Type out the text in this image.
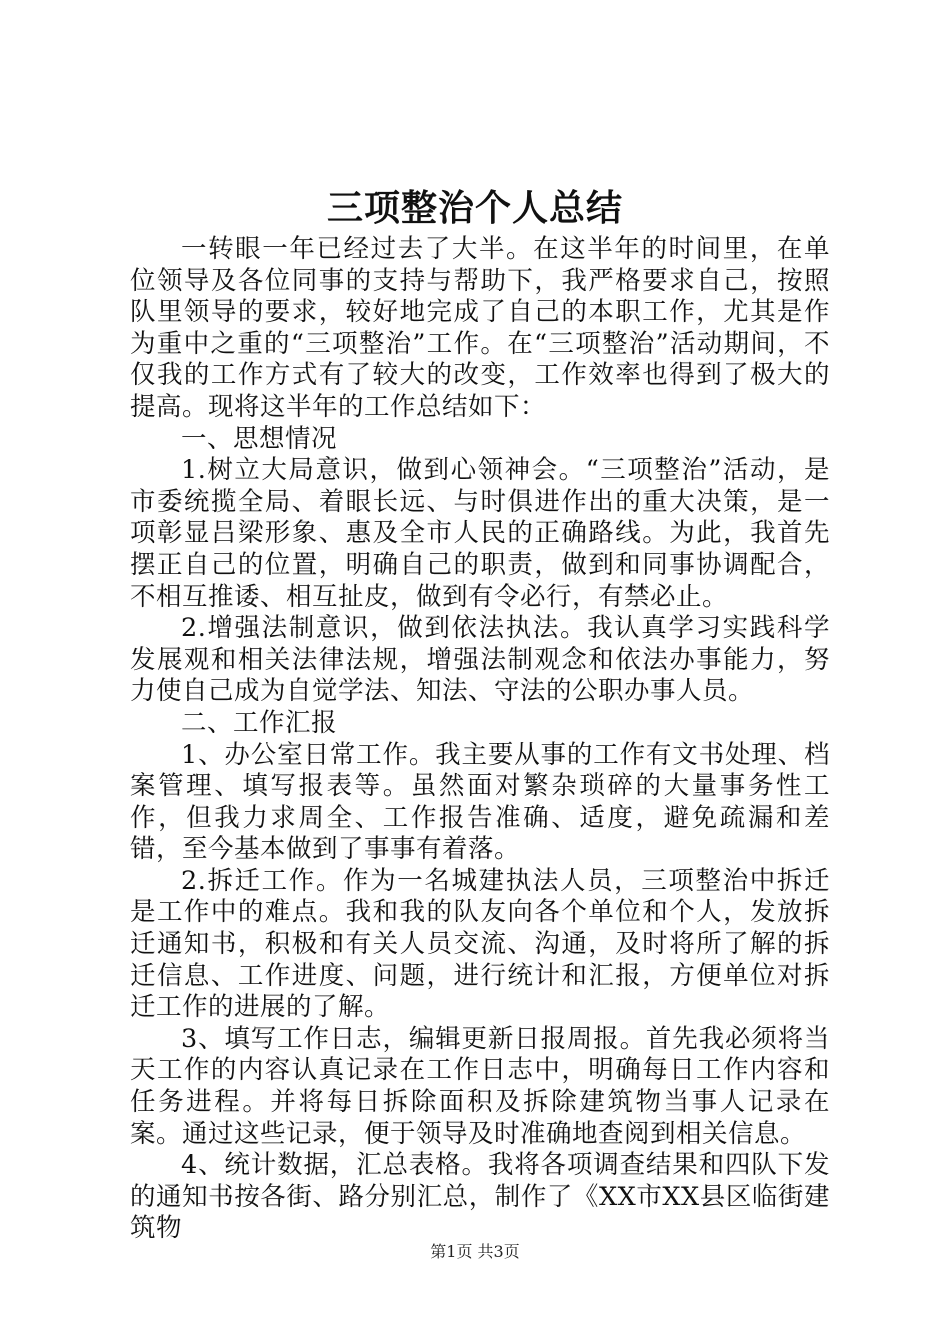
三项整治个人总结

一转眼一年已经过去了大半。在这半年的时间里，在单位领导及各位同事的支持与帮助下，我严格要求自己，按照队里领导的要求，较好地完成了自己的本职工作，尤其是作为重中之重的“三项整治”工作。在“三项整治”活动期间，不仅我的工作方式有了较大的改变，工作效率也得到了极大的提高。现将这半年的工作总结如下：

一、思想情况

1.树立大局意识，做到心领神会。“三项整治”活动，是市委统揽全局、着眼长远、与时俱进作出的重大决策，是一项彰显吕梁形象、惠及全市人民的正确路线。为此，我首先摆正自己的位置，明确自己的职责，做到和同事协调配合，不相互推诿、相互扯皮，做到有令必行，有禁必止。

2.增强法制意识，做到依法执法。我认真学习实践科学发展观和相关法律法规，增强法制观念和依法办事能力，努力使自己成为自觉学法、知法、守法的公职办事人员。

二、工作汇报

1、办公室日常工作。我主要从事的工作有文书处理、档案管理、填写报表等。虽然面对繁杂琐碎的大量事务性工作，但我力求周全、工作报告准确、适度，避免疏漏和差错，至今基本做到了事事有着落。

2.拆迁工作。作为一名城建执法人员，三项整治中拆迁是工作中的难点。我和我的队友向各个单位和个人，发放拆迁通知书，积极和有关人员交流、沟通，及时将所了解的拆迁信息、工作进度、问题，进行统计和汇报，方便单位对拆迁工作的进展的了解。

3、填写工作日志，编辑更新日报周报。首先我必须将当天工作的内容认真记录在工作日志中，明确每日工作内容和任务进程。并将每日拆除面积及拆除建筑物当事人记录在案。通过这些记录，便于领导及时准确地查阅到相关信息。

4、统计数据，汇总表格。我将各项调查结果和四队下发的通知书按各街、路分别汇总，制作了《XX市XX县区临街建筑物

第1页 共3页
